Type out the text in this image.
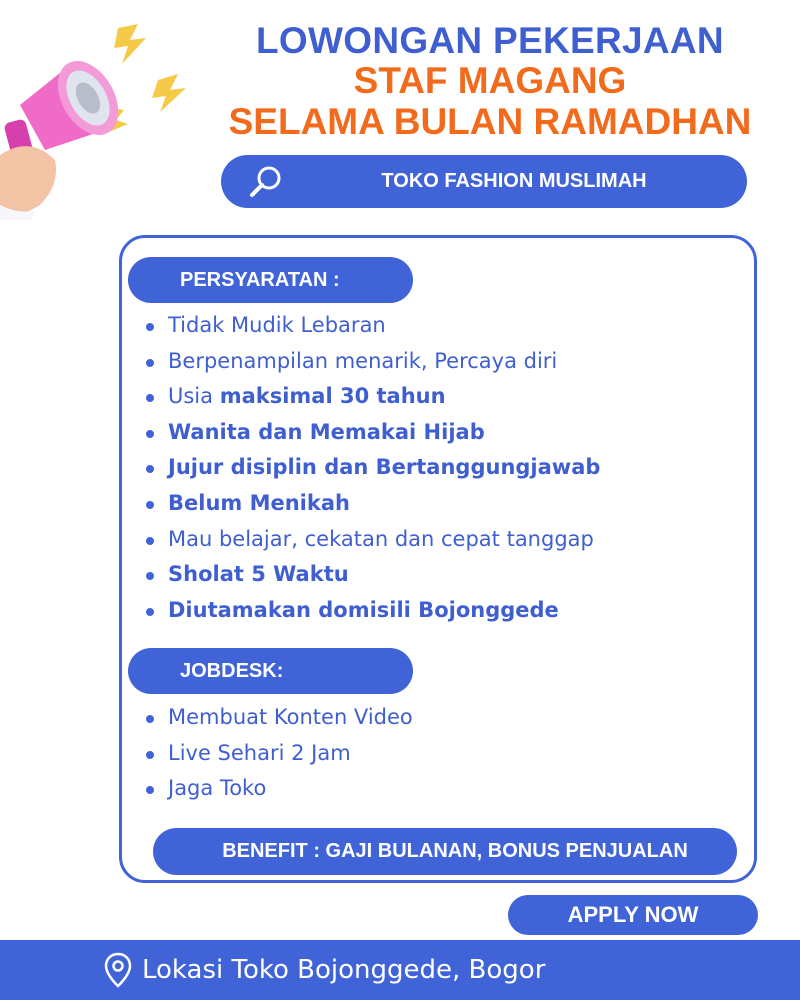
LOWONGAN PEKERJAAN
STAF MAGANG
SELAMA BULAN RAMADHAN
TOKO FASHION MUSLIMAH
PERSYARATAN :
Tidak Mudik Lebaran
Berpenampilan menarik, Percaya diri
Usia maksimal 30 tahun
Wanita dan Memakai Hijab
Jujur disiplin dan Bertanggungjawab
Belum Menikah
Mau belajar, cekatan dan cepat tanggap
Sholat 5 Waktu
Diutamakan domisili Bojonggede
JOBDESK:
Membuat Konten Video
Live Sehari 2 Jam
Jaga Toko
BENEFIT : GAJI BULANAN, BONUS PENJUALAN
APPLY NOW
Lokasi Toko Bojonggede, Bogor
